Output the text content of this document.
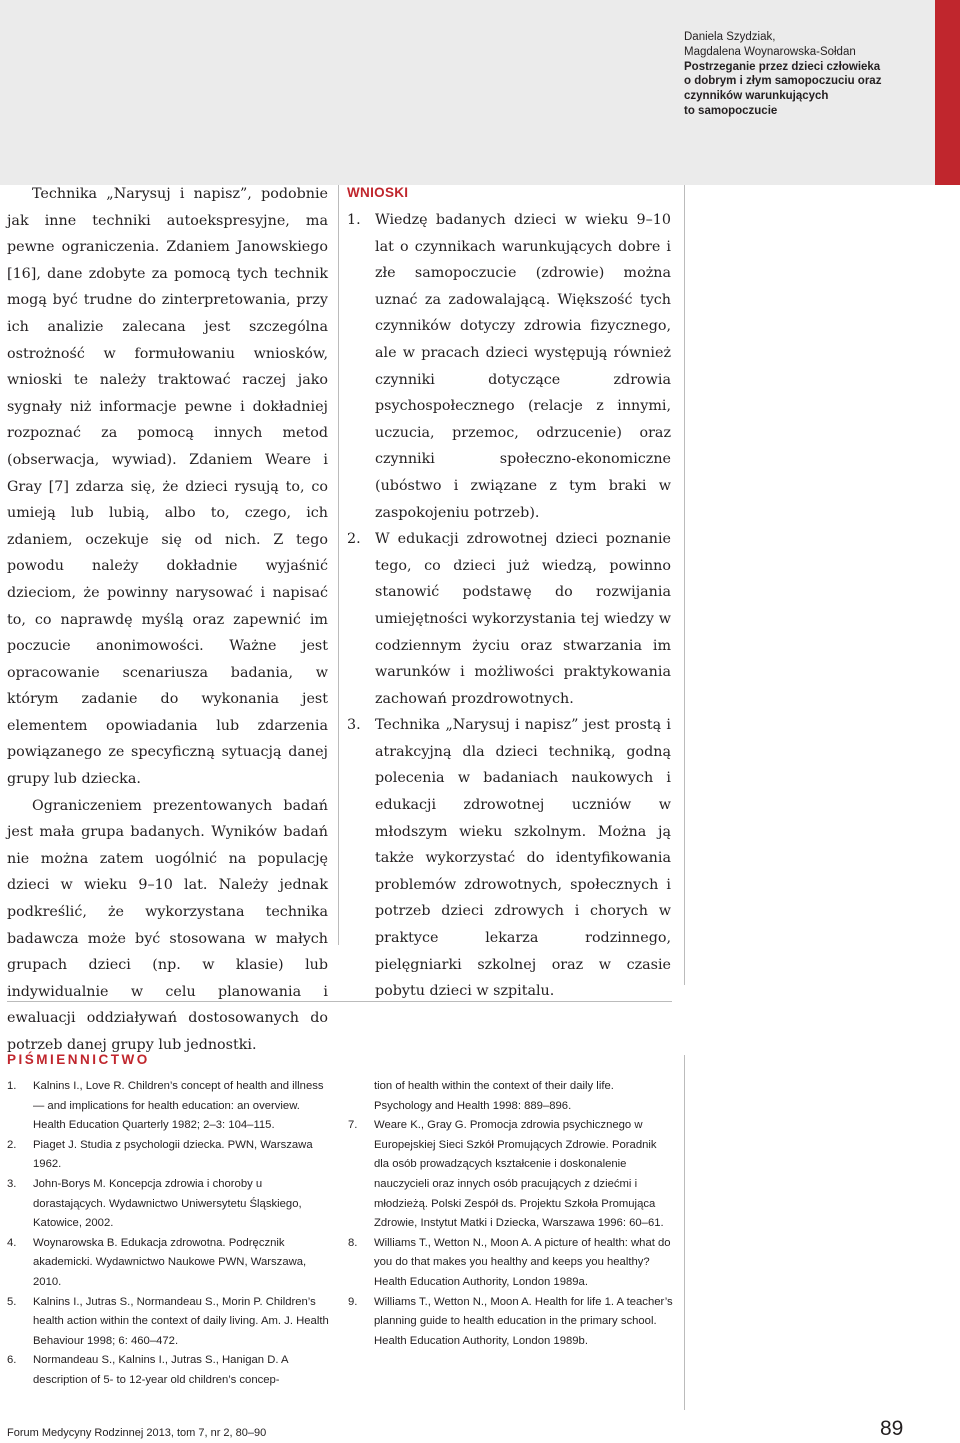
Daniela Szydziak,
Magdalena Woynarowska-Sołdan
Postrzeganie przez dzieci człowieka
o dobrym i złym samopoczuciu oraz
czynników warunkujących
to samopoczucie

Technika „Narysuj i napisz”, podobnie jak inne techniki autoekspresyjne, ma pewne ograniczenia. Zdaniem Janowskiego [16], dane zdobyte za pomocą tych technik mogą być trudne do zinterpretowania, przy ich analizie zalecana jest szczególna ostrożność w formułowaniu wniosków, wnioski te należy traktować raczej jako sygnały niż informacje pewne i dokładniej rozpoznać za pomocą innych metod (obserwacja, wywiad). Zdaniem Weare i Gray [7] zdarza się, że dzieci rysują to, co umieją lub lubią, albo to, czego, ich zdaniem, oczekuje się od nich. Z tego powodu należy dokładnie wyjaśnić dzieciom, że powinny narysować i napisać to, co naprawdę myślą oraz zapewnić im poczucie anonimowości. Ważne jest opracowanie scenariusza badania, w którym zadanie do wykonania jest elementem opowiadania lub zdarzenia powiązanego ze specyficzną sytuacją danej grupy lub dziecka.

Ograniczeniem prezentowanych badań jest mała grupa badanych. Wyników badań nie można zatem uogólnić na populację dzieci w wieku 9–10 lat. Należy jednak podkreślić, że wykorzystana technika badawcza może być stosowana w małych grupach dzieci (np. w klasie) lub indywidualnie w celu planowania i ewaluacji oddziaływań dostosowanych do potrzeb danej grupy lub jednostki.

WNIOSKI
1.	Wiedzę badanych dzieci w wieku 9–10 lat o czynnikach warunkujących dobre i złe samopoczucie (zdrowie) można uznać za zadowalającą. Większość tych czynników dotyczy zdrowia fizycznego, ale w pracach dzieci występują również czynniki dotyczące zdrowia psychospołecznego (relacje z innymi, uczucia, przemoc, odrzucenie) oraz czynniki społeczno-ekonomiczne (ubóstwo i związane z tym braki w zaspokojeniu potrzeb).
2.	W edukacji zdrowotnej dzieci poznanie tego, co dzieci już wiedzą, powinno stanowić podstawę do rozwijania umiejętności wykorzystania tej wiedzy w codziennym życiu oraz stwarzania im warunków i możliwości praktykowania zachowań prozdrowotnych.
3.	Technika „Narysuj i napisz” jest prostą i atrakcyjną dla dzieci techniką, godną polecenia w badaniach naukowych i edukacji zdrowotnej uczniów w młodszym wieku szkolnym. Można ją także wykorzystać do identyfikowania problemów zdrowotnych, społecznych i potrzeb dzieci zdrowych i chorych w praktyce lekarza rodzinnego, pielęgniarki szkolnej oraz w czasie pobytu dzieci w szpitalu.
PIŚMIENNICTWO
1.	Kalnins I., Love R. Children’s concept of health and illness — and implications for health education: an overview. Health Education Quarterly 1982; 2–3: 104–115.
2.	Piaget J. Studia z psychologii dziecka. PWN, Warszawa 1962.
3.	John-Borys M. Koncepcja zdrowia i choroby u dorastających. Wydawnictwo Uniwersytetu Śląskiego, Katowice, 2002.
4.	Woynarowska B. Edukacja zdrowotna. Podręcznik akademicki. Wydawnictwo Naukowe PWN, Warszawa, 2010.
5.	Kalnins I., Jutras S., Normandeau S., Morin P. Children’s health action within the context of daily living. Am. J. Health Behaviour 1998; 6: 460–472.
6.	Normandeau S., Kalnins I., Jutras S., Hanigan D. A description of 5- to 12-year old children’s concep-
tion of health within the context of their daily life. Psychology and Health 1998: 889–896.
7.	Weare K., Gray G. Promocja zdrowia psychicznego w Europejskiej Sieci Szkół Promujących Zdrowie. Poradnik dla osób prowadzących kształcenie i doskonalenie nauczycieli oraz innych osób pracujących z dziećmi i młodzieżą. Polski Zespół ds. Projektu Szkoła Promująca Zdrowie, Instytut Matki i Dziecka, Warszawa 1996: 60–61.
8.	Williams T., Wetton N., Moon A. A picture of health: what do you do that makes you healthy and keeps you healthy? Health Education Authority, London 1989a.
9.	Williams T., Wetton N., Moon A. Health for life 1. A teacher’s planning guide to health education in the primary school. Health Education Authority, London 1989b.
Forum Medycyny Rodzinnej 2013, tom 7, nr 2, 80–90	89
